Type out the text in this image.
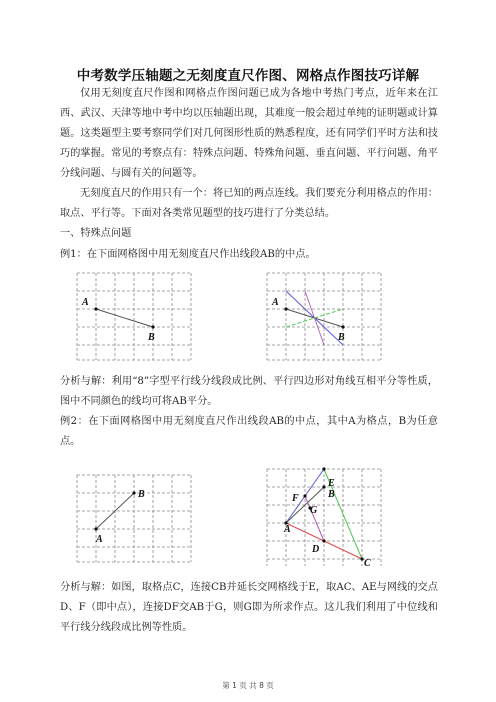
中考数学压轴题之无刻度直尺作图、网格点作图技巧详解
仅用无刻度直尺作图和网格点作图问题已成为各地中考热门考点，近年来在江西、武汉、天津等地中考中均以压轴题出现，其难度一般会超过单纯的证明题或计算题。这类题型主要考察同学们对几何图形性质的熟悉程度，还有同学们平时方法和技巧的掌握。常见的考察点有：特殊点问题、特殊角问题、垂直问题、平行问题、角平分线问题、与圆有关的问题等。
无刻度直尺的作用只有一个：将已知的两点连线。我们要充分利用格点的作用：取点、平行等。下面对各类常见题型的技巧进行了分类总结。
一、特殊点问题
例1：在下面网格图中用无刻度直尺作出线段AB的中点。
A
B
A
B
分析与解：利用“8”字型平行线分线段成比例、平行四边形对角线互相平分等性质，图中不同颜色的线均可将AB平分。
例2：在下面网格图中用无刻度直尺作出线段AB的中点，其中A为格点，B为任意点。
B
A
E
B
F
G
A
D
C
分析与解：如图，取格点C，连接CB并延长交网格线于E，取AC、AE与网线的交点D、F（即中点），连接DF交AB于G，则G即为所求作点。这儿我们利用了中位线和平行线分线段成比例等性质。
第 1 页 共 8 页
